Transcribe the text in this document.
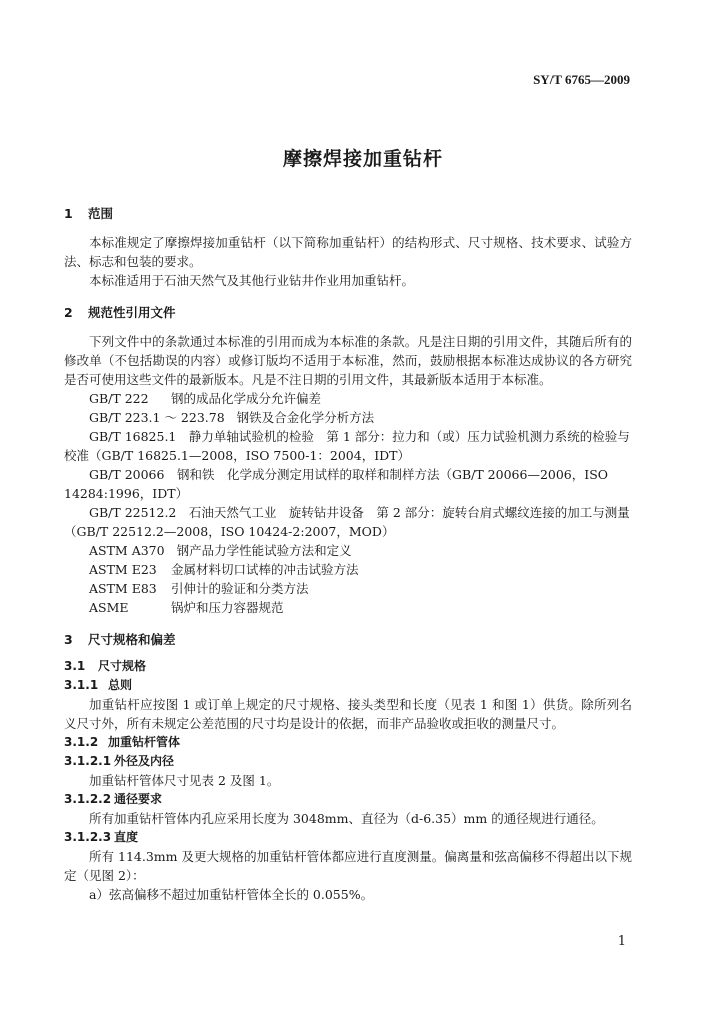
SY/T 6765—2009
摩擦焊接加重钻杆

1 范围

本标准规定了摩擦焊接加重钻杆（以下简称加重钻杆）的结构形式、尺寸规格、技术要求、试验方法、标志和包装的要求。

本标准适用于石油天然气及其他行业钻井作业用加重钻杆。

2 规范性引用文件

下列文件中的条款通过本标准的引用而成为本标准的条款。凡是注日期的引用文件，其随后所有的修改单（不包括勘误的内容）或修订版均不适用于本标准，然而，鼓励根据本标准达成协议的各方研究是否可使用这些文件的最新版本。凡是不注日期的引用文件，其最新版本适用于本标准。

GB/T 222 钢的成品化学成分允许偏差

GB/T 223.1 ～ 223.78 钢铁及合金化学分析方法

GB/T 16825.1　 静力单轴试验机的检验　第 1 部分：拉力和（或）压力试验机测力系统的检验与校准（GB/T 16825.1—2008，ISO 7500-1：2004，IDT）

GB/T 20066　 钢和铁　化学成分测定用试样的取样和制样方法（GB/T 20066—2006，ISO 14284:1996，IDT）

GB/T 22512.2　 石油天然气工业　旋转钻井设备　第 2 部分：旋转台肩式螺纹连接的加工与测量（GB/T 22512.2—2008，ISO 10424-2:2007，MOD）

ASTM A370 钢产品力学性能试验方法和定义

ASTM E23 金属材料切口试棒的冲击试验方法

ASTM E83 引伸计的验证和分类方法

ASME	锅炉和压力容器规范

3 尺寸规格和偏差

3.1 尺寸规格

3.1.1 总则

加重钻杆应按图 1 或订单上规定的尺寸规格、接头类型和长度（见表 1 和图 1）供货。除所列名义尺寸外，所有未规定公差范围的尺寸均是设计的依据，而非产品验收或拒收的测量尺寸。

3.1.2 加重钻杆管体

3.1.2.1 外径及内径

加重钻杆管体尺寸见表 2 及图 1。

3.1.2.2 通径要求

所有加重钻杆管体内孔应采用长度为 3048mm、直径为（d-6.35）mm 的通径规进行通径。

3.1.2.3 直度

所有 114.3mm 及更大规格的加重钻杆管体都应进行直度测量。偏离量和弦高偏移不得超出以下规定（见图 2）：

a）弦高偏移不超过加重钻杆管体全长的 0.055%。

1
